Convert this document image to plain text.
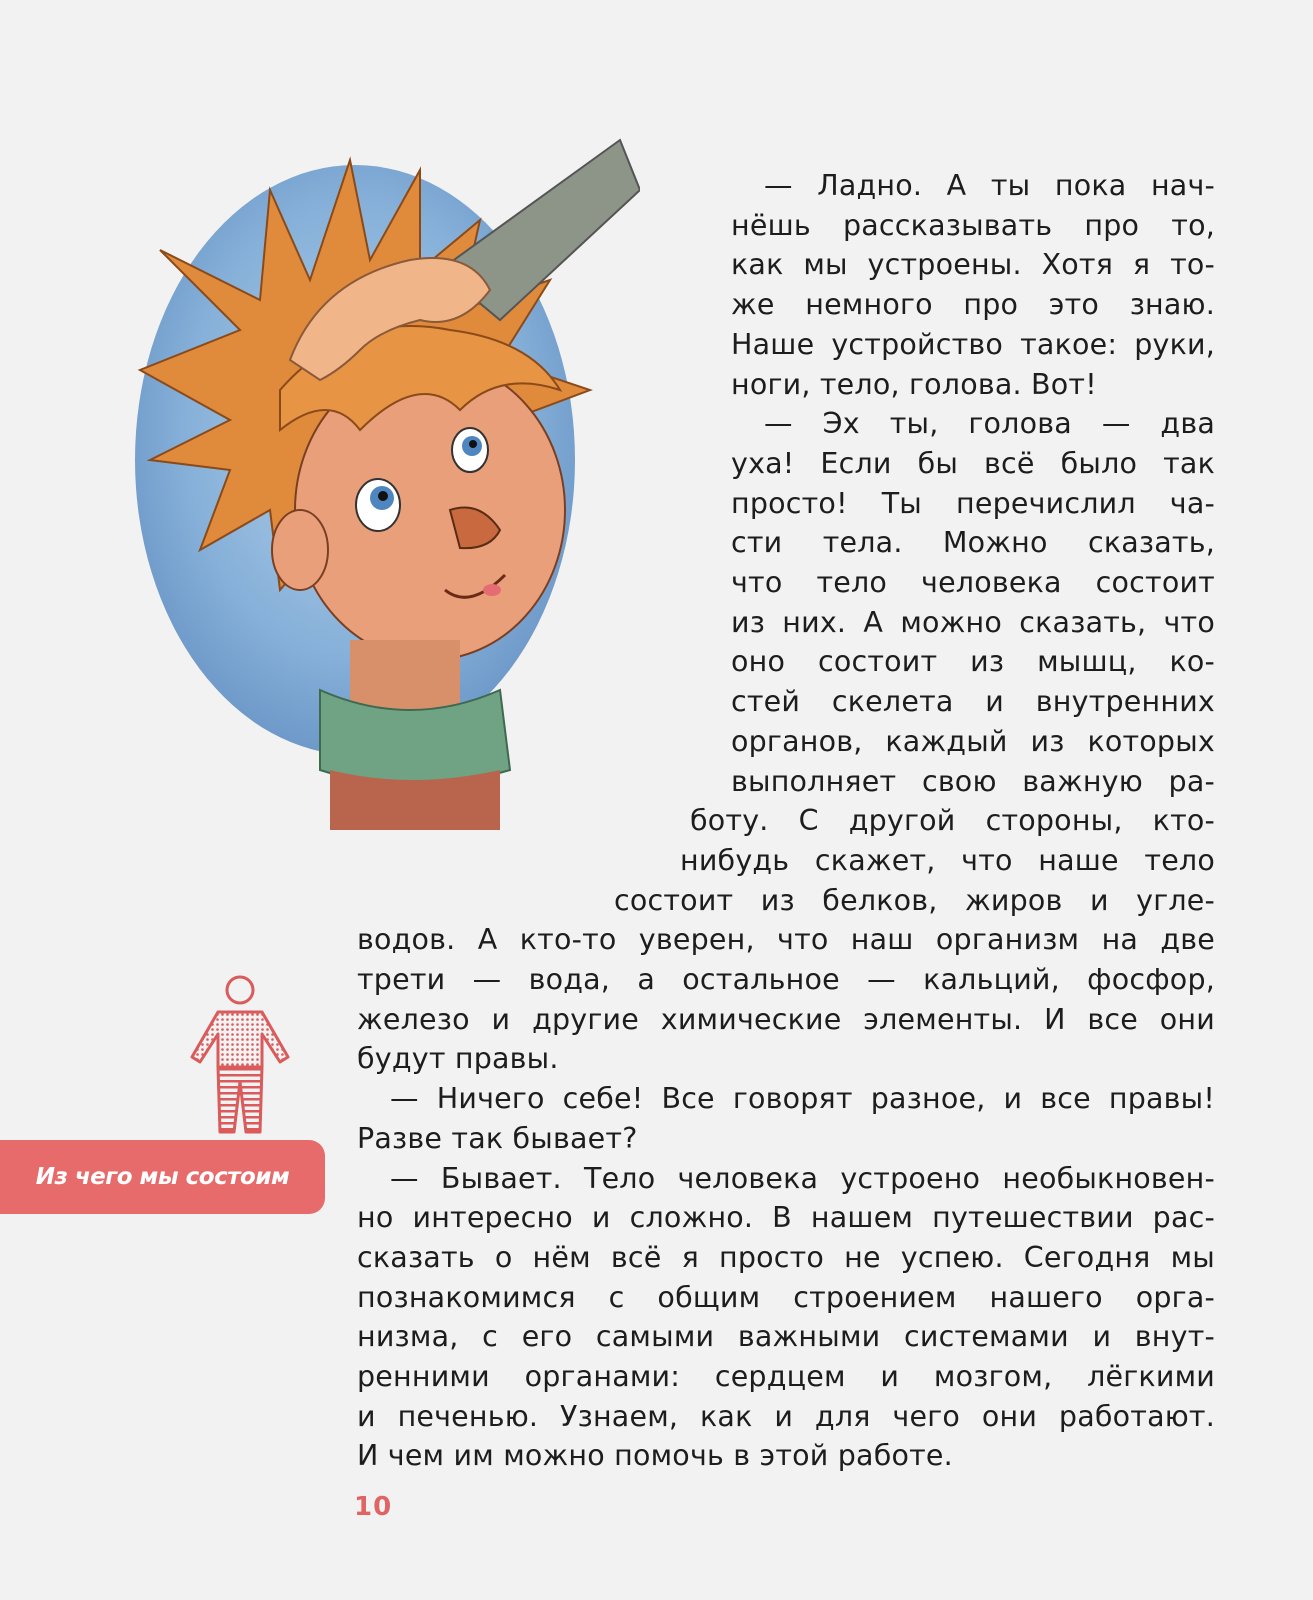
— Ладно. А ты пока нач-
нёшь рассказывать про то,
как мы устроены. Хотя я то-
же немного про это знаю.
Наше устройство такое: руки,
ноги, тело, голова. Вот!
— Эх ты, голова — два
уха! Если бы всё было так
просто! Ты перечислил ча-
сти тела. Можно сказать,
что тело человека состоит
из них. А можно сказать, что
оно состоит из мышц, ко-
стей скелета и внутренних
органов, каждый из которых
выполняет свою важную ра-
боту. С другой стороны, кто-
нибудь скажет, что наше тело
состоит из белков, жиров и угле-
водов. А кто-то уверен, что наш организм на две
трети — вода, а остальное — кальций, фосфор,
железо и другие химические элементы. И все они
будут правы.
— Ничего себе! Все говорят разное, и все правы!
Разве так бывает?
— Бывает. Тело человека устроено необыкновен-
но интересно и сложно. В нашем путешествии рас-
сказать о нём всё я просто не успею. Сегодня мы
познакомимся с общим строением нашего орга-
низма, с его самыми важными системами и внут-
ренними органами: сердцем и мозгом, лёгкими
и печенью. Узнаем, как и для чего они работают.
И чем им можно помочь в этой работе.
Из чего мы состоим
10
